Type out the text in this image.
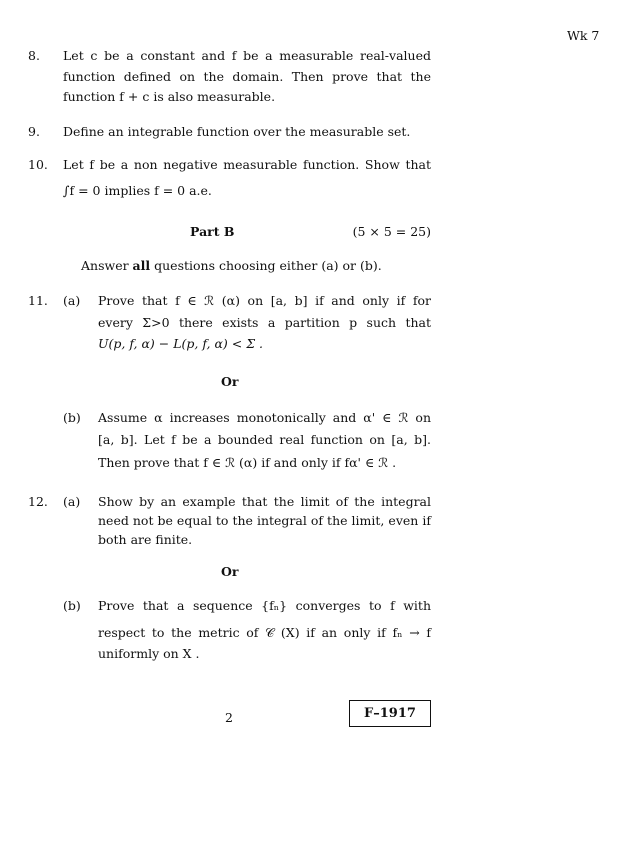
Wk 7
8. Let c be a constant and f be a measurable real-valued
function defined on the domain. Then prove that the
function f + c is also measurable.
9. Define an integrable function over the measurable set.
10. Let f be a non negative measurable function. Show that
∫f = 0 implies f = 0 a.e.
Part B	(5 × 5 = 25)
Answer all questions choosing either (a) or (b).
11. (a) Prove that f ∈ ℛ (α) on [a, b] if and only if for
every Σ>0 there exists a partition p such that
U(p, f, α) − L(p, f, α) < Σ .
Or
(b) Assume α increases monotonically and α' ∈ ℛ on
[a, b]. Let f be a bounded real function on [a, b].
Then prove that f ∈ ℛ (α) if and only if fα' ∈ ℛ .
12. (a) Show by an example that the limit of the integral
need not be equal to the integral of the limit, even if
both are finite.
Or
(b) Prove that a sequence {fₙ} converges to f with
respect to the metric of 𝒞 (X) if an only if fₙ → f
uniformly on X .
2	F–1917
